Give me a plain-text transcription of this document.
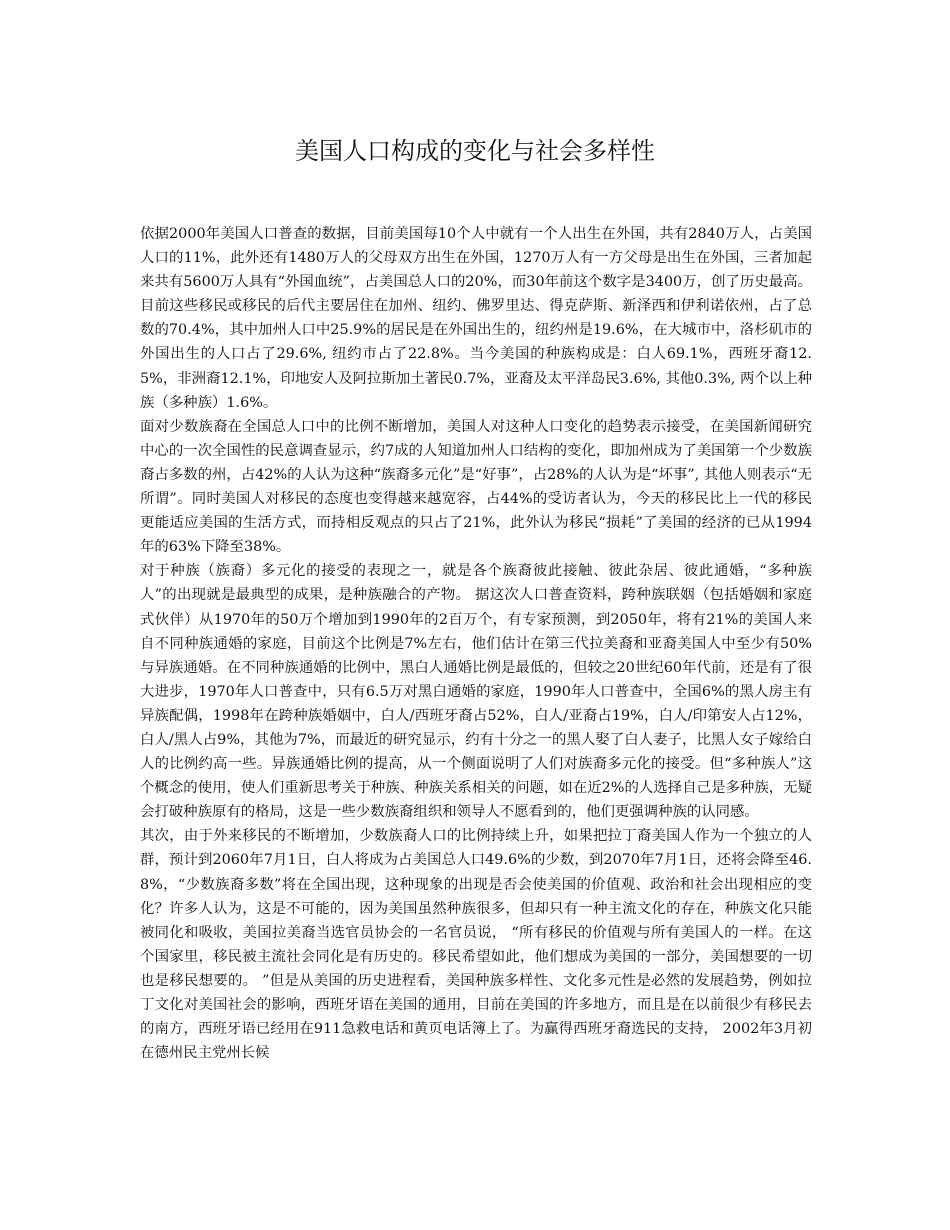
美国人口构成的变化与社会多样性

依据2000年美国人口普查的数据，目前美国每10个人中就有一个人出生在外国，共有2840万人，占美国人口的11%，此外还有1480万人的父母双方出生在外国，1270万人有一方父母是出生在外国，三者加起来共有5600万人具有“外国血统”，占美国总人口的20%，而30年前这个数字是3400万，创了历史最高。目前这些移民或移民的后代主要居住在加州、纽约、佛罗里达、得克萨斯、新泽西和伊利诺依州，占了总数的70.4%，其中加州人口中25.9%的居民是在外国出生的，纽约州是19.6%，在大城市中，洛杉矶市的外国出生的人口占了29.6%, 纽约市占了22.8%。当今美国的种族构成是：白人69.1%，西班牙裔12.5%，非洲裔12.1%，印地安人及阿拉斯加土著民0.7%，亚裔及太平洋岛民3.6%, 其他0.3%, 两个以上种族（多种族）1.6%。

面对少数族裔在全国总人口中的比例不断增加，美国人对这种人口变化的趋势表示接受，在美国新闻研究中心的一次全国性的民意调查显示，约7成的人知道加州人口结构的变化，即加州成为了美国第一个少数族裔占多数的州，占42%的人认为这种“族裔多元化”是“好事”，占28%的人认为是“坏事”, 其他人则表示“无所谓”。同时美国人对移民的态度也变得越来越宽容，占44%的受访者认为，今天的移民比上一代的移民更能适应美国的生活方式，而持相反观点的只占了21%，此外认为移民“损耗”了美国的经济的已从1994年的63%下降至38%。

对于种族（族裔）多元化的接受的表现之一，就是各个族裔彼此接触、彼此杂居、彼此通婚，“多种族人”的出现就是最典型的成果，是种族融合的产物。 据这次人口普查资料，跨种族联姻（包括婚姻和家庭式伙伴）从1970年的50万个增加到1990年的2百万个，有专家预测，到2050年，将有21%的美国人来自不同种族通婚的家庭，目前这个比例是7%左右，他们估计在第三代拉美裔和亚裔美国人中至少有50%与异族通婚。在不同种族通婚的比例中，黑白人通婚比例是最低的，但较之20世纪60年代前，还是有了很大进步，1970年人口普查中，只有6.5万对黑白通婚的家庭，1990年人口普查中，全国6%的黑人房主有异族配偶，1998年在跨种族婚姻中，白人/西班牙裔占52%，白人/亚裔占19%，白人/印第安人占12%，白人/黑人占9%，其他为7%，而最近的研究显示，约有十分之一的黑人娶了白人妻子，比黑人女子嫁给白人的比例约高一些。异族通婚比例的提高，从一个侧面说明了人们对族裔多元化的接受。但“多种族人”这个概念的使用，使人们重新思考关于种族、种族关系相关的问题，如在近2%的人选择自己是多种族，无疑会打破种族原有的格局，这是一些少数族裔组织和领导人不愿看到的，他们更强调种族的认同感。

其次，由于外来移民的不断增加，少数族裔人口的比例持续上升，如果把拉丁裔美国人作为一个独立的人群，预计到2060年7月1日，白人将成为占美国总人口49.6%的少数，到2070年7月1日，还将会降至46.8%，“少数族裔多数”将在全国出现，这种现象的出现是否会使美国的价值观、政治和社会出现相应的变化？许多人认为，这是不可能的，因为美国虽然种族很多，但却只有一种主流文化的存在，种族文化只能被同化和吸收，美国拉美裔当选官员协会的一名官员说， “所有移民的价值观与所有美国人的一样。在这个国家里，移民被主流社会同化是有历史的。移民希望如此，他们想成为美国的一部分，美国想要的一切也是移民想要的。 ”但是从美国的历史进程看，美国种族多样性、文化多元性是必然的发展趋势，例如拉丁文化对美国社会的影响，西班牙语在美国的通用，目前在美国的许多地方，而且是在以前很少有移民去的南方，西班牙语已经用在911急救电话和黄页电话簿上了。为赢得西班牙裔选民的支持， 2002年3月初在德州民主党州长候
